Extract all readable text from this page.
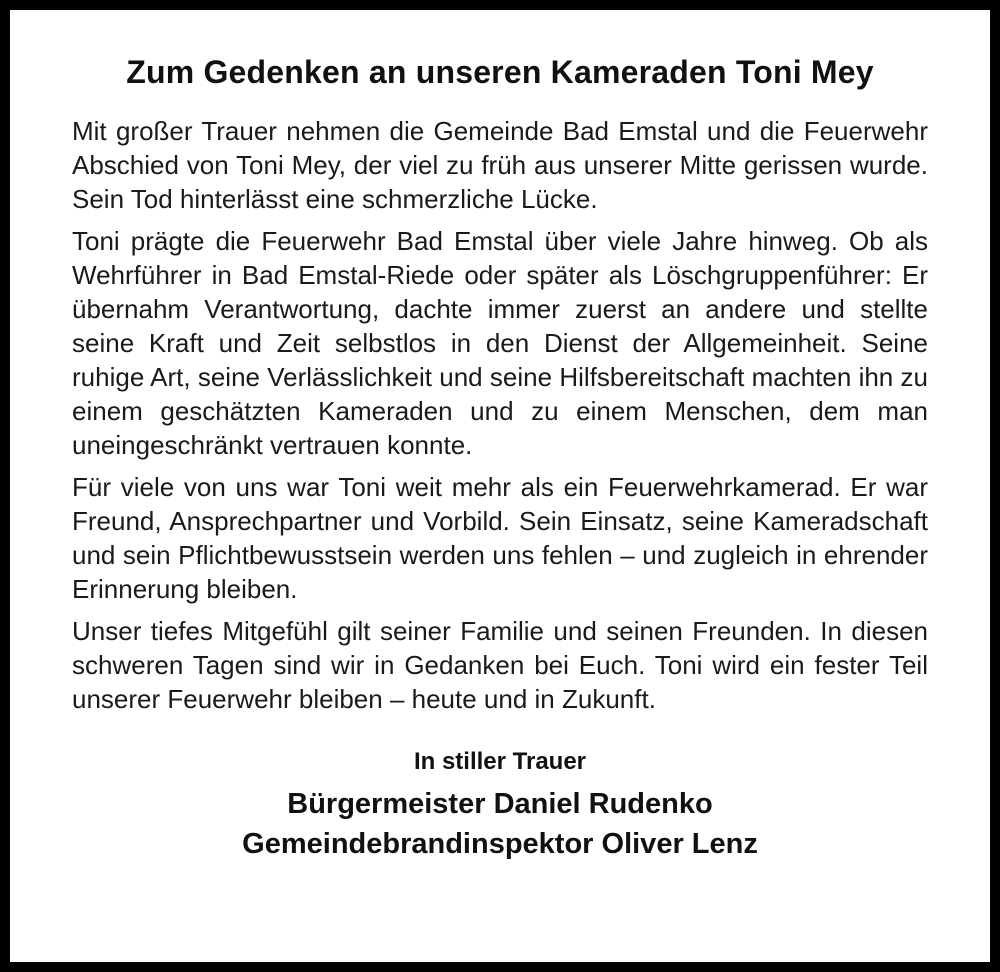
Zum Gedenken an unseren Kameraden Toni Mey

Mit großer Trauer nehmen die Gemeinde Bad Emstal und die Feuerwehr Abschied von Toni Mey, der viel zu früh aus unserer Mitte gerissen wurde. Sein Tod hinterlässt eine schmerzliche Lücke.

Toni prägte die Feuerwehr Bad Emstal über viele Jahre hinweg. Ob als Wehrführer in Bad Emstal-Riede oder später als Löschgruppenführer: Er übernahm Verantwortung, dachte immer zuerst an andere und stellte seine Kraft und Zeit selbstlos in den Dienst der Allgemeinheit. Seine ruhige Art, seine Verlässlichkeit und seine Hilfsbereitschaft machten ihn zu einem geschätzten Kameraden und zu einem Menschen, dem man uneingeschränkt vertrauen konnte.

Für viele von uns war Toni weit mehr als ein Feuerwehrkamerad. Er war Freund, Ansprechpartner und Vorbild. Sein Einsatz, seine Kameradschaft und sein Pflichtbewusstsein werden uns fehlen – und zugleich in ehrender Erinnerung bleiben.

Unser tiefes Mitgefühl gilt seiner Familie und seinen Freunden. In diesen schweren Tagen sind wir in Gedanken bei Euch. Toni wird ein fester Teil unserer Feuerwehr bleiben – heute und in Zukunft.

In stiller Trauer
Bürgermeister Daniel Rudenko
Gemeindebrandinspektor Oliver Lenz
